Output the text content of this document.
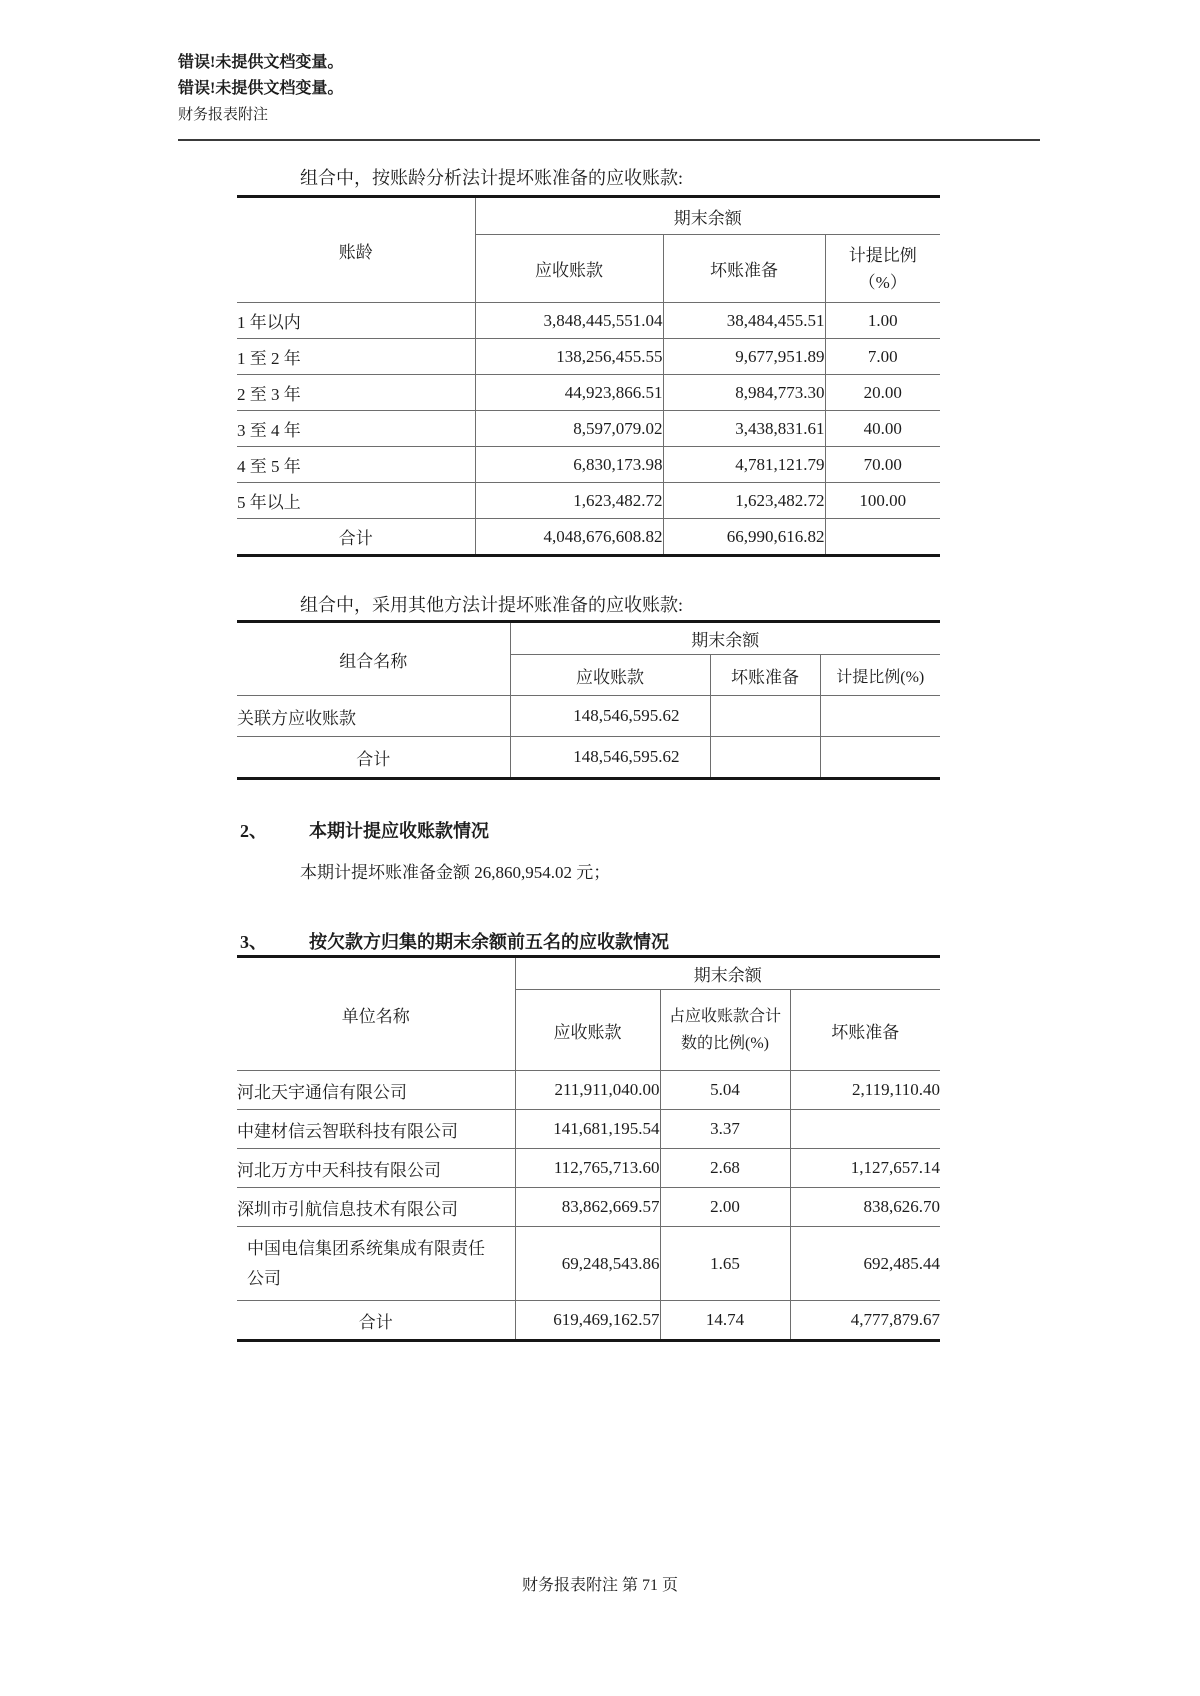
错误!未提供文档变量。
错误!未提供文档变量。
财务报表附注
组合中，按账龄分析法计提坏账准备的应收账款:
账龄	期末余额		
	应收账款	坏账准备	计提比例
（%）
1 年以内	3,848,445,551.04	38,484,455.51	1.00
1 至 2 年	138,256,455.55	9,677,951.89	7.00
2 至 3 年	44,923,866.51	8,984,773.30	20.00
3 至 4 年	8,597,079.02	3,438,831.61	40.00
4 至 5 年	6,830,173.98	4,781,121.79	70.00
5 年以上	1,623,482.72	1,623,482.72	100.00
合计	4,048,676,608.82	66,990,616.82	
组合中，采用其他方法计提坏账准备的应收账款:
组合名称	期末余额		
	应收账款	坏账准备	计提比例(%)
关联方应收账款	148,546,595.62		
合计	148,546,595.62		
2、 本期计提应收账款情况
本期计提坏账准备金额 26,860,954.02 元；
3、 按欠款方归集的期末余额前五名的应收款情况
单位名称	期末余额		
	应收账款	占应收账款合计数的比例(%)	坏账准备
河北天宇通信有限公司	211,911,040.00	5.04	2,119,110.40
中建材信云智联科技有限公司	141,681,195.54	3.37	
河北万方中天科技有限公司	112,765,713.60	2.68	1,127,657.14
深圳市引航信息技术有限公司	83,862,669.57	2.00	838,626.70
中国电信集团系统集成有限责任公司	69,248,543.86	1.65	692,485.44
合计	619,469,162.57	14.74	4,777,879.67
财务报表附注 第 71 页
